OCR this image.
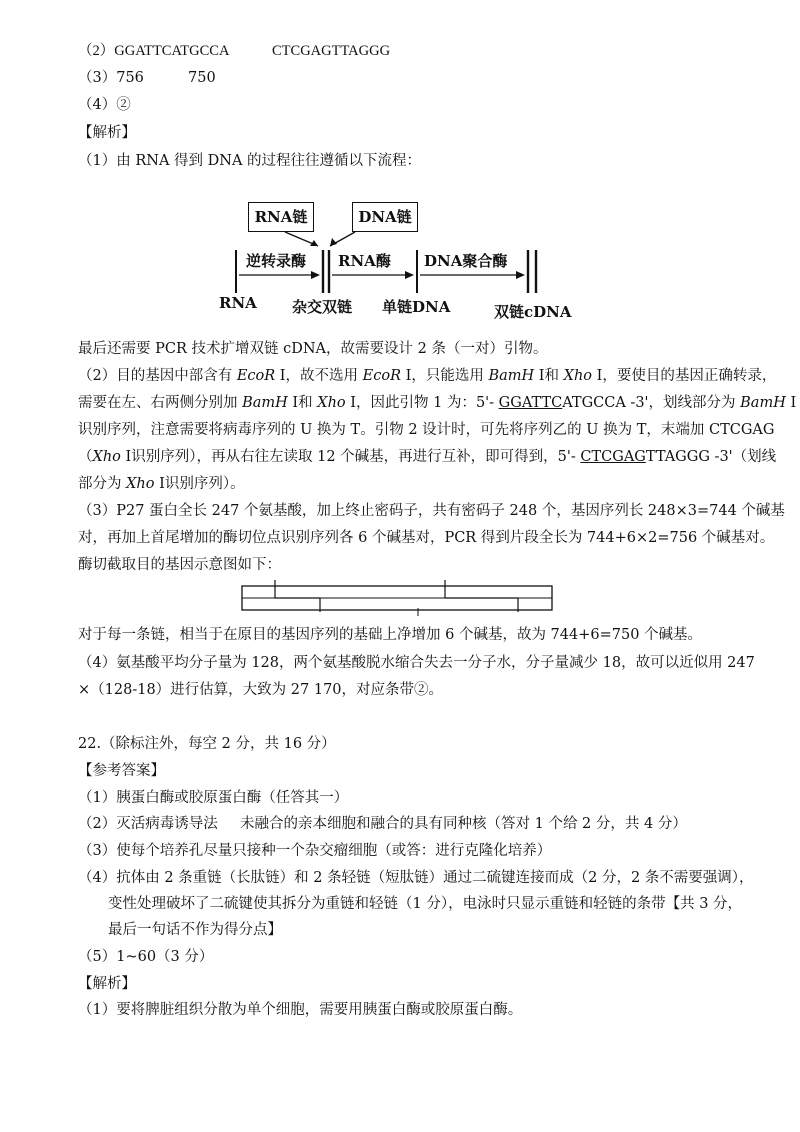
（2）GGATTCATGCCA	CTCGAGTTAGGG
（3）756	750
（4）②
【解析】
（1）由 RNA 得到 DNA 的过程往往遵循以下流程：
RNA链	DNA链
逆转录酶 RNA酶 DNA聚合酶
RNA 杂交双链 单链DNA	双链cDNA
最后还需要 PCR 技术扩增双链 cDNA，故需要设计 2 条（一对）引物。
（2）目的基因中部含有 EcoR I，故不选用 EcoR I，只能选用 BamH I和 Xho I，要使目的基因正确转录，
需要在左、右两侧分别加 BamH I和 Xho I，因此引物 1 为：5'- GGATTCATGCCA -3'，划线部分为 BamH I
识别序列，注意需要将病毒序列的 U 换为 T。引物 2 设计时，可先将序列乙的 U 换为 T，末端加 CTCGAG
（Xho I识别序列），再从右往左读取 12 个碱基，再进行互补，即可得到，5'- CTCGAGTTAGGG -3'（划线
部分为 Xho I识别序列）。
（3）P27 蛋白全长 247 个氨基酸，加上终止密码子，共有密码子 248 个，基因序列长 248×3=744 个碱基
对，再加上首尾增加的酶切位点识别序列各 6 个碱基对，PCR 得到片段全长为 744+6×2=756 个碱基对。
酶切截取目的基因示意图如下：
对于每一条链，相当于在原目的基因序列的基础上净增加 6 个碱基，故为 744+6=750 个碱基。
（4）氨基酸平均分子量为 128，两个氨基酸脱水缩合失去一分子水，分子量减少 18，故可以近似用 247
×（128-18）进行估算，大致为 27 170，对应条带②。
22.（除标注外，每空 2 分，共 16 分）
【参考答案】
（1）胰蛋白酶或胶原蛋白酶（任答其一）
（2）灭活病毒诱导法 未融合的亲本细胞和融合的具有同种核（答对 1 个给 2 分，共 4 分）
（3）使每个培养孔尽量只接种一个杂交瘤细胞（或答：进行克隆化培养）
（4）抗体由 2 条重链（长肽链）和 2 条轻链（短肽链）通过二硫键连接而成（2 分，2 条不需要强调），
变性处理破坏了二硫键使其拆分为重链和轻链（1 分），电泳时只显示重链和轻链的条带【共 3 分，
最后一句话不作为得分点】
（5）1~60（3 分）
【解析】
（1）要将脾脏组织分散为单个细胞，需要用胰蛋白酶或胶原蛋白酶。
